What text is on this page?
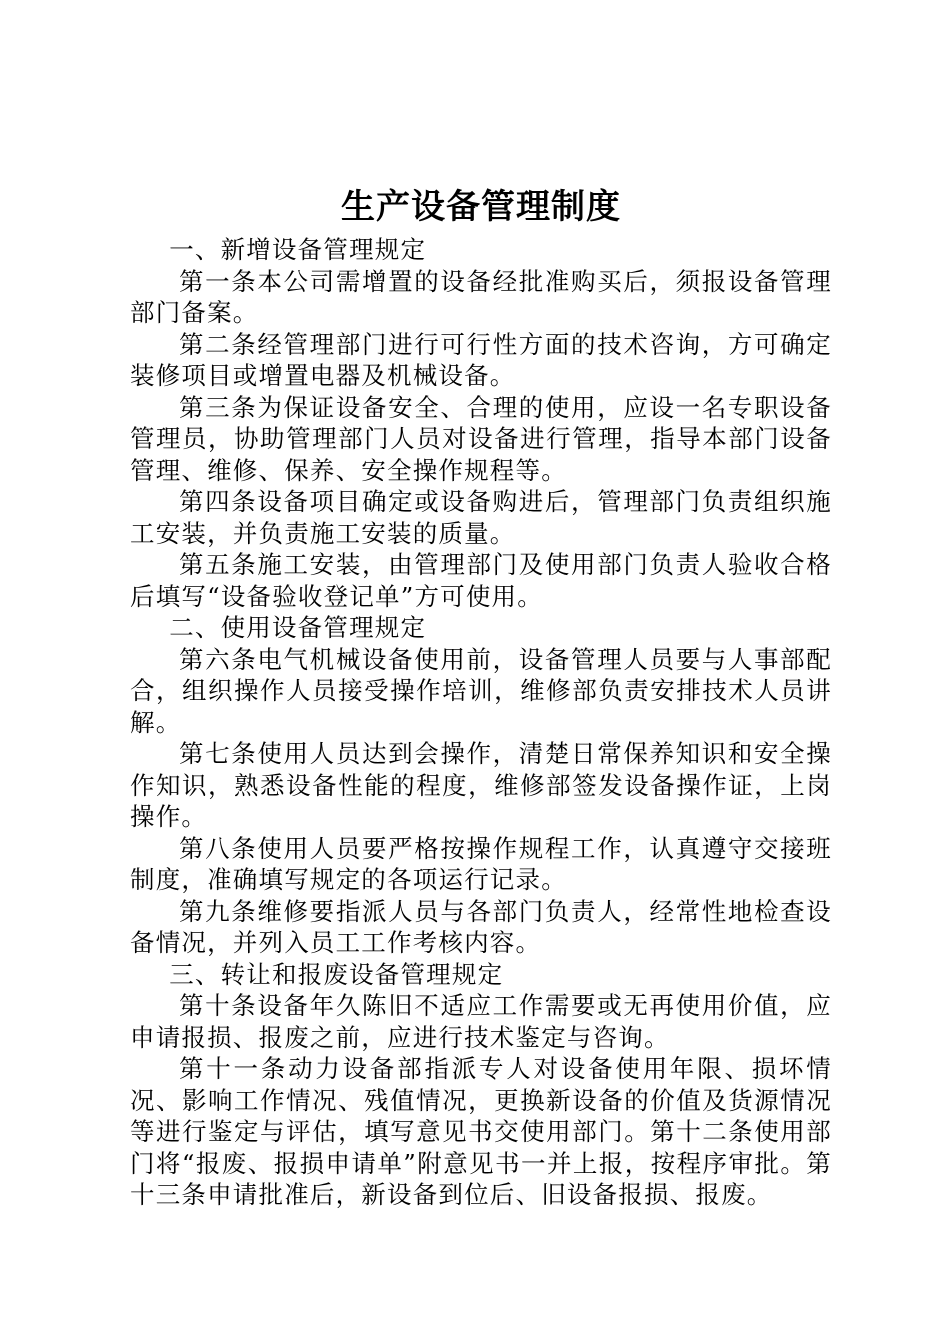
生产设备管理制度

一、新增设备管理规定

第一条本公司需增置的设备经批准购买后，须报设备管理部门备案。

第二条经管理部门进行可行性方面的技术咨询，方可确定装修项目或增置电器及机械设备。

第三条为保证设备安全、合理的使用，应设一名专职设备管理员，协助管理部门人员对设备进行管理，指导本部门设备管理、维修、保养、安全操作规程等。

第四条设备项目确定或设备购进后，管理部门负责组织施工安装，并负责施工安装的质量。

第五条施工安装，由管理部门及使用部门负责人验收合格后填写“设备验收登记单”方可使用。

二、使用设备管理规定

第六条电气机械设备使用前，设备管理人员要与人事部配合，组织操作人员接受操作培训，维修部负责安排技术人员讲解。

第七条使用人员达到会操作，清楚日常保养知识和安全操作知识，熟悉设备性能的程度，维修部签发设备操作证，上岗操作。

第八条使用人员要严格按操作规程工作，认真遵守交接班制度，准确填写规定的各项运行记录。

第九条维修要指派人员与各部门负责人，经常性地检查设备情况，并列入员工工作考核内容。

三、转让和报废设备管理规定

第十条设备年久陈旧不适应工作需要或无再使用价值，应申请报损、报废之前，应进行技术鉴定与咨询。

第十一条动力设备部指派专人对设备使用年限、损坏情况、影响工作情况、残值情况，更换新设备的价值及货源情况等进行鉴定与评估，填写意见书交使用部门。第十二条使用部门将“报废、报损申请单”附意见书一并上报，按程序审批。第十三条申请批准后，新设备到位后、旧设备报损、报废。
